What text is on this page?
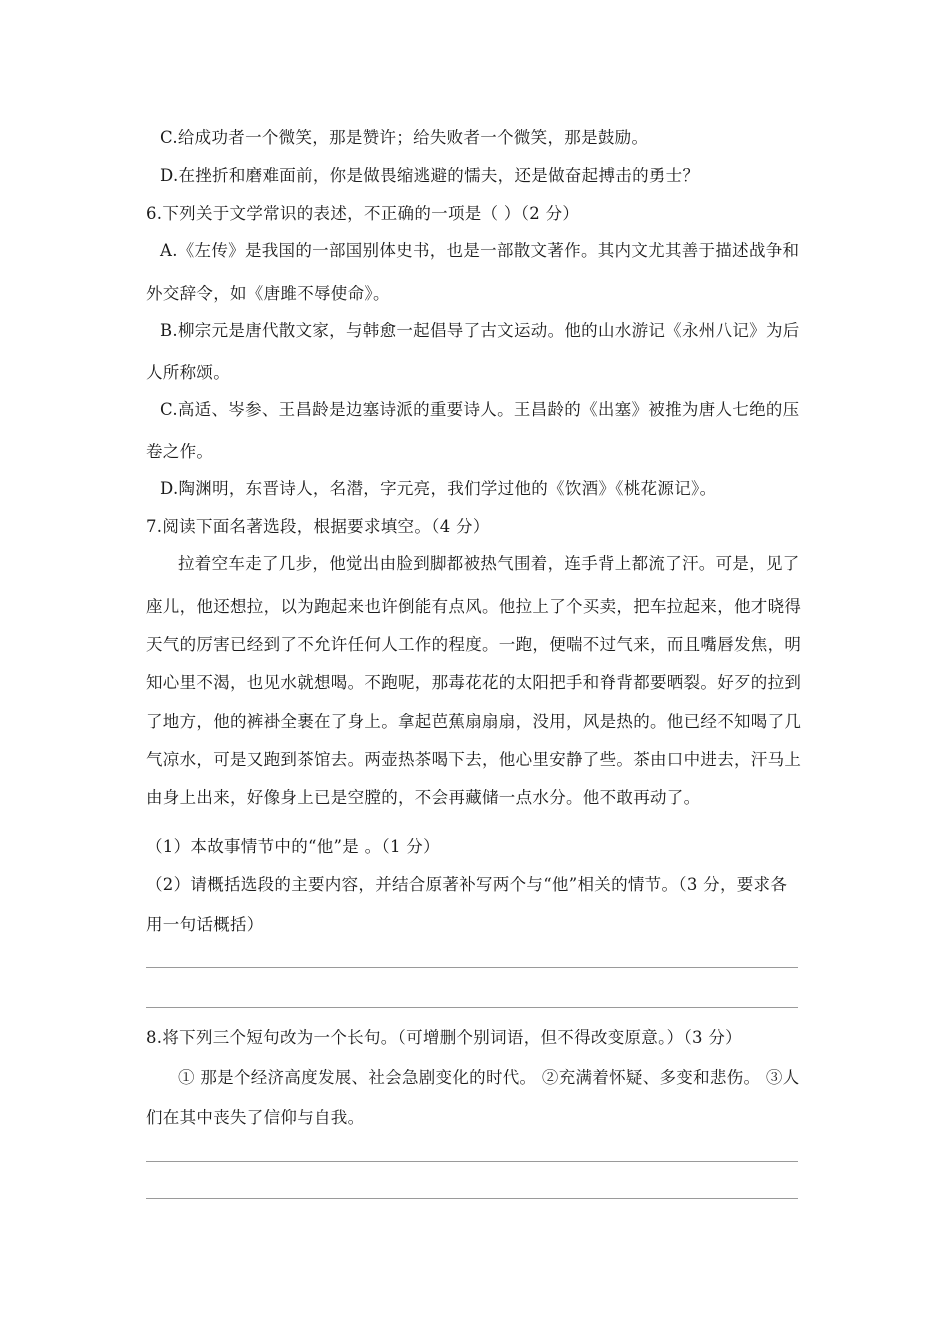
C.给成功者一个微笑，那是赞许；给失败者一个微笑，那是鼓励。
D.在挫折和磨难面前，你是做畏缩逃避的懦夫，还是做奋起搏击的勇士？
6.下列关于文学常识的表述，不正确的一项是（ ）（2 分）
A.《左传》是我国的一部国别体史书，也是一部散文著作。其内文尤其善于描述战争和
外交辞令，如《唐雎不辱使命》。
B.柳宗元是唐代散文家，与韩愈一起倡导了古文运动。他的山水游记《永州八记》为后
人所称颂。
C.高适、岑参、王昌龄是边塞诗派的重要诗人。王昌龄的《出塞》被推为唐人七绝的压
卷之作。
D.陶渊明，东晋诗人，名潜，字元亮，我们学过他的《饮酒》《桃花源记》。
7.阅读下面名著选段，根据要求填空。（4 分）
拉着空车走了几步，他觉出由脸到脚都被热气围着，连手背上都流了汗。可是，见了
座儿，他还想拉，以为跑起来也许倒能有点风。他拉上了个买卖，把车拉起来，他才晓得
天气的厉害已经到了不允许任何人工作的程度。一跑，便喘不过气来，而且嘴唇发焦，明
知心里不渴，也见水就想喝。不跑呢，那毒花花的太阳把手和脊背都要晒裂。好歹的拉到
了地方，他的裤褂全裹在了身上。拿起芭蕉扇扇扇，没用，风是热的。他已经不知喝了几
气凉水，可是又跑到茶馆去。两壶热茶喝下去，他心里安静了些。茶由口中进去，汗马上
由身上出来，好像身上已是空膛的，不会再藏储一点水分。他不敢再动了。
（1）本故事情节中的“他”是 。（1 分）
（2）请概括选段的主要内容，并结合原著补写两个与“他”相关的情节。（3 分，要求各
用一句话概括）
8.将下列三个短句改为一个长句。（可增删个别词语，但不得改变原意。）（3 分）
① 那是个经济高度发展、社会急剧变化的时代。 ②充满着怀疑、多变和悲伤。 ③人
们在其中丧失了信仰与自我。
